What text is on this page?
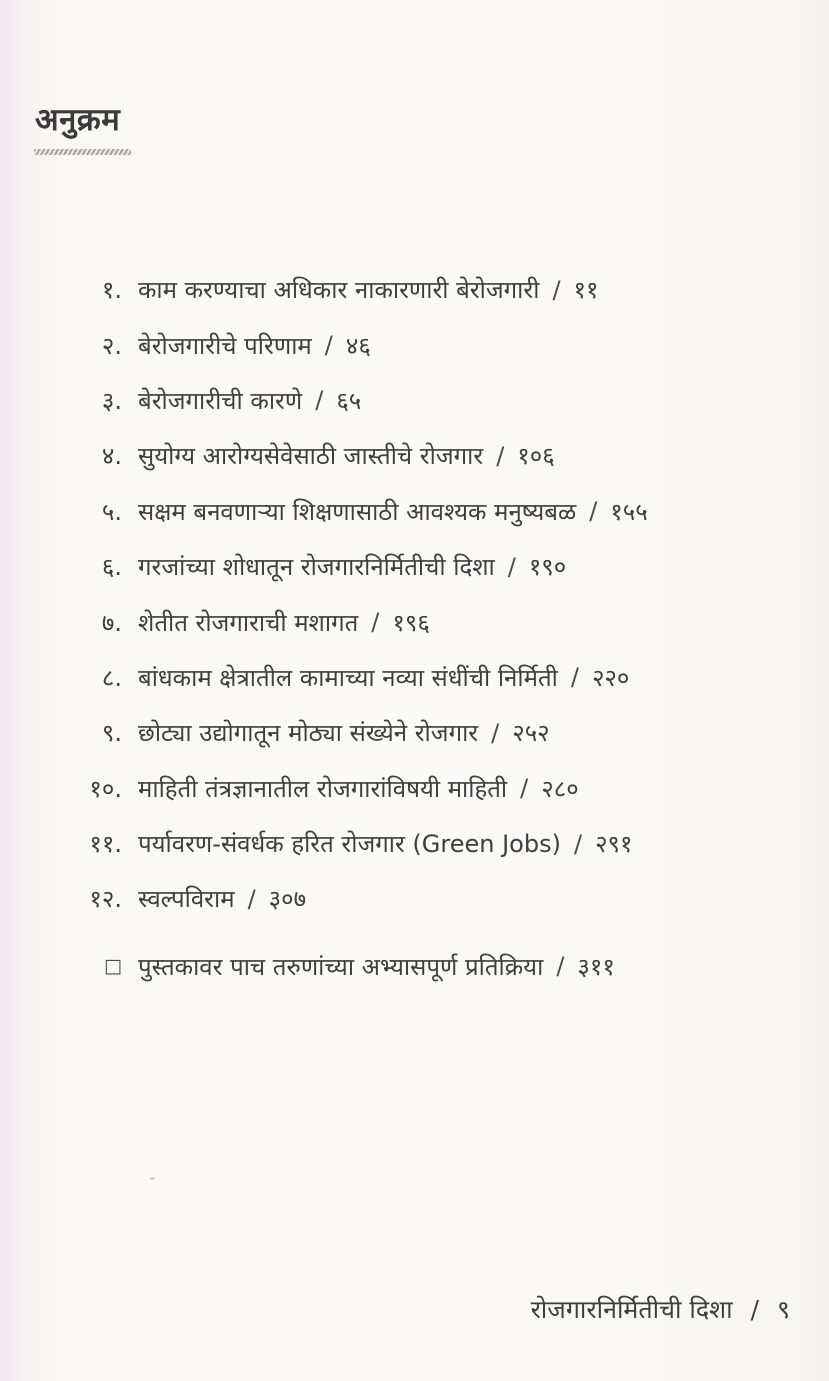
अनुक्रम
१. काम करण्याचा अधिकार नाकारणारी बेरोजगारी / ११
२. बेरोजगारीचे परिणाम / ४६
३. बेरोजगारीची कारणे / ६५
४. सुयोग्य आरोग्यसेवेसाठी जास्तीचे रोजगार / १०६
५. सक्षम बनवणाऱ्या शिक्षणासाठी आवश्यक मनुष्यबळ / १५५
६. गरजांच्या शोधातून रोजगारनिर्मितीची दिशा / १९०
७. शेतीत रोजगाराची मशागत / १९६
८. बांधकाम क्षेत्रातील कामाच्या नव्या संधींची निर्मिती / २२०
९. छोट्या उद्योगातून मोठ्या संख्येने रोजगार / २५२
१०. माहिती तंत्रज्ञानातील रोजगारांविषयी माहिती / २८०
११. पर्यावरण-संवर्धक हरित रोजगार (Green Jobs) / २९१
१२. स्वल्पविराम / ३०७
□ पुस्तकावर पाच तरुणांच्या अभ्यासपूर्ण प्रतिक्रिया / ३११
रोजगारनिर्मितीची दिशा / ९
